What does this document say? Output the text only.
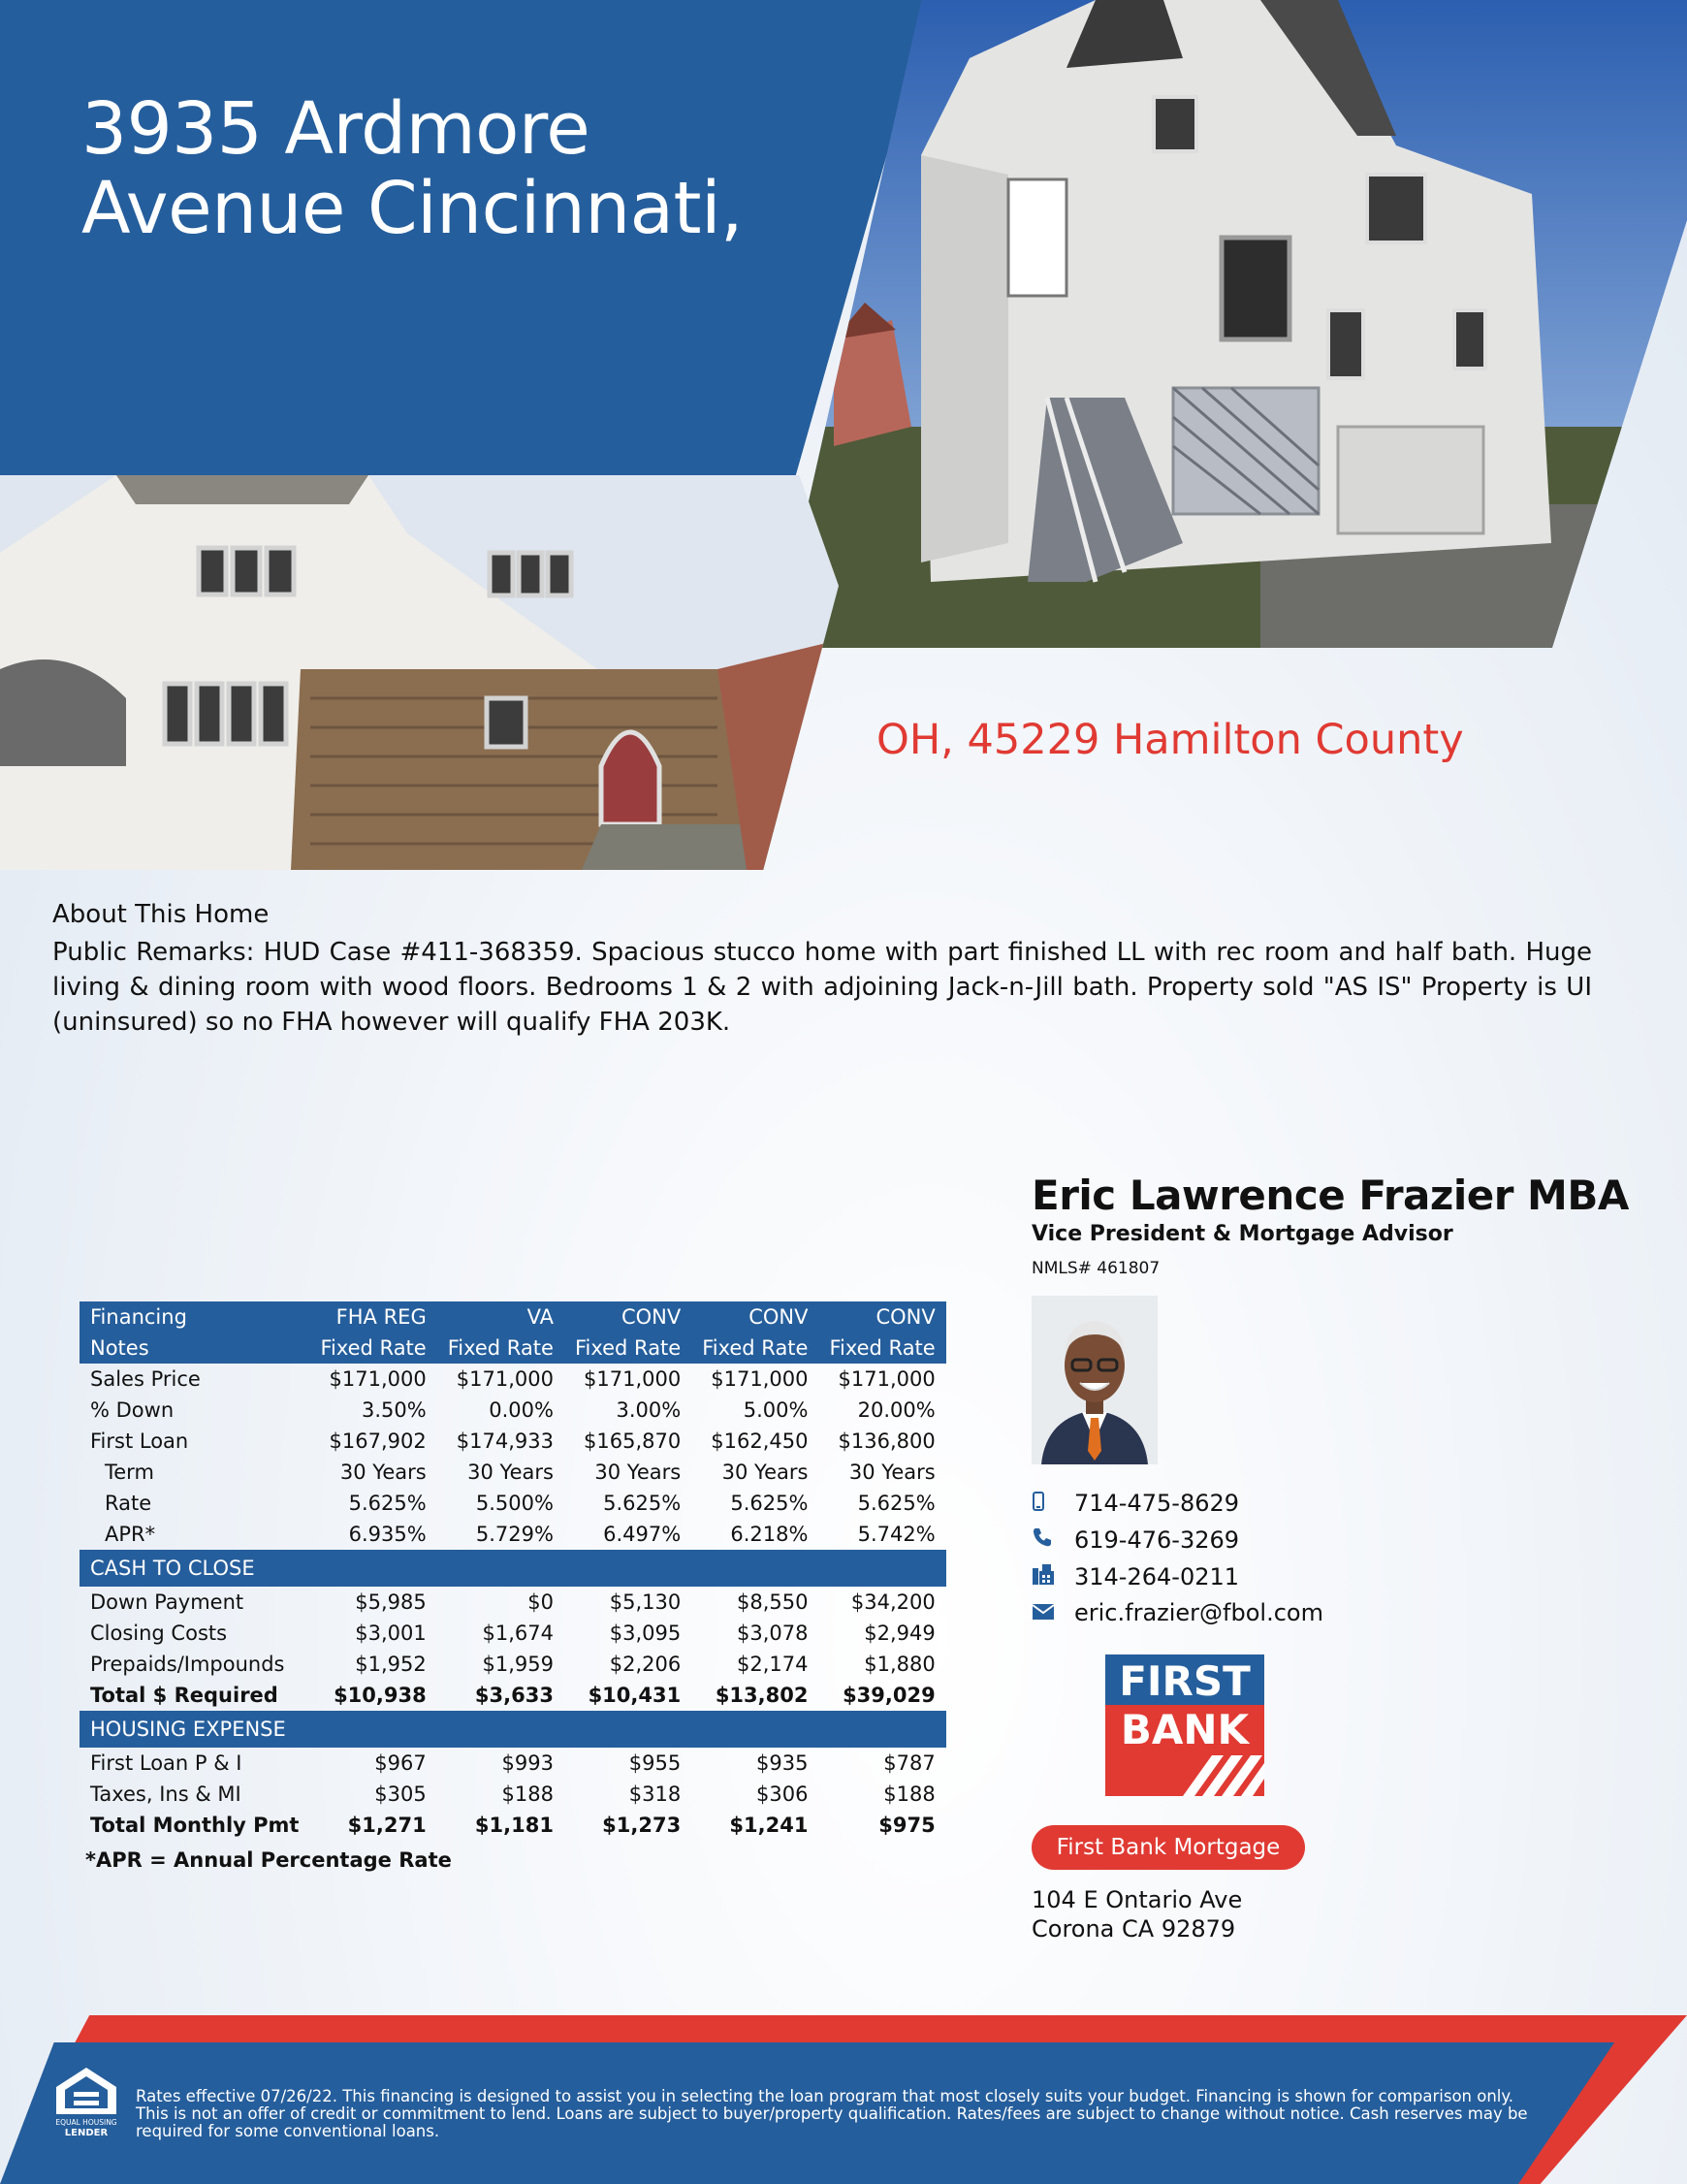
3935 Ardmore
Avenue Cincinnati,
OH, 45229 Hamilton County
About This Home
Public Remarks: HUD Case #411-368359. Spacious stucco home with part finished LL with rec room and half bath. Huge living & dining room with wood floors. Bedrooms 1 & 2 with adjoining Jack-n-Jill bath. Property sold "AS IS" Property is UI (uninsured) so no FHA however will qualify FHA 203K.
Financing	FHA REG	VA	CONV	CONV	CONV
Notes	Fixed Rate	Fixed Rate	Fixed Rate	Fixed Rate	Fixed Rate
Sales Price	$171,000	$171,000	$171,000	$171,000	$171,000
% Down	3.50%	0.00%	3.00%	5.00%	20.00%
First Loan	$167,902	$174,933	$165,870	$162,450	$136,800
Term	30 Years	30 Years	30 Years	30 Years	30 Years
Rate	5.625%	5.500%	5.625%	5.625%	5.625%
APR*	6.935%	5.729%	6.497%	6.218%	5.742%
CASH TO CLOSE					
Down Payment	$5,985	$0	$5,130	$8,550	$34,200
Closing Costs	$3,001	$1,674	$3,095	$3,078	$2,949
Prepaids/Impounds	$1,952	$1,959	$2,206	$2,174	$1,880
Total $ Required	$10,938	$3,633	$10,431	$13,802	$39,029
HOUSING EXPENSE					
First Loan P & I	$967	$993	$955	$935	$787
Taxes, Ins & MI	$305	$188	$318	$306	$188
Total Monthly Pmt	$1,271	$1,181	$1,273	$1,241	$975
*APR = Annual Percentage Rate
Eric Lawrence Frazier MBA
Vice President & Mortgage Advisor
NMLS# 461807
714-475-8629
619-476-3269
314-264-0211
eric.frazier@fbol.com
FIRST
BANK
First Bank Mortgage
104 E Ontario Ave
Corona CA 92879
EQUAL HOUSING
LENDER
Rates effective 07/26/22. This financing is designed to assist you in selecting the loan program that most closely suits your budget. Financing is shown for comparison only. This is not an offer of credit or commitment to lend. Loans are subject to buyer/property qualification. Rates/fees are subject to change without notice. Cash reserves may be required for some conventional loans.
